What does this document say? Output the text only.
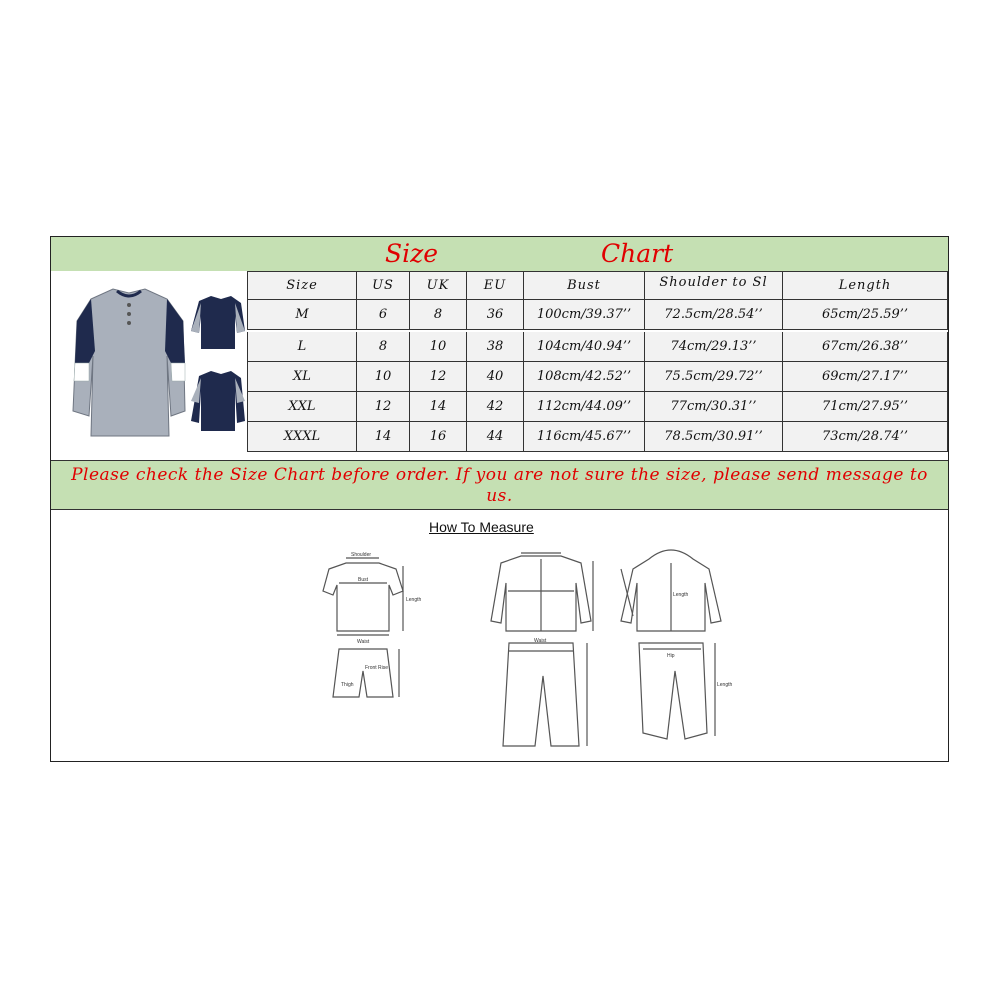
Size	Chart
Size	US	UK	EU	Bust	Shoulder to Sl	Length
M	6	8	36	100cm/39.37’’	72.5cm/28.54’’	65cm/25.59’’
L	8	10	38	104cm/40.94’’	74cm/29.13’’	67cm/26.38’’
XL	10	12	40	108cm/42.52’’	75.5cm/29.72’’	69cm/27.17’’
XXL	12	14	42	112cm/44.09’’	77cm/30.31’’	71cm/27.95’’
XXXL	14	16	44	116cm/45.67’’	78.5cm/30.91’’	73cm/28.74’’
Please check the Size Chart before order. If you are not sure the size, please send message to us.
How To Measure
Shoulder
Bust
Length
Waist
Front Rise
Thigh
Waist
Length
Hip
Length
